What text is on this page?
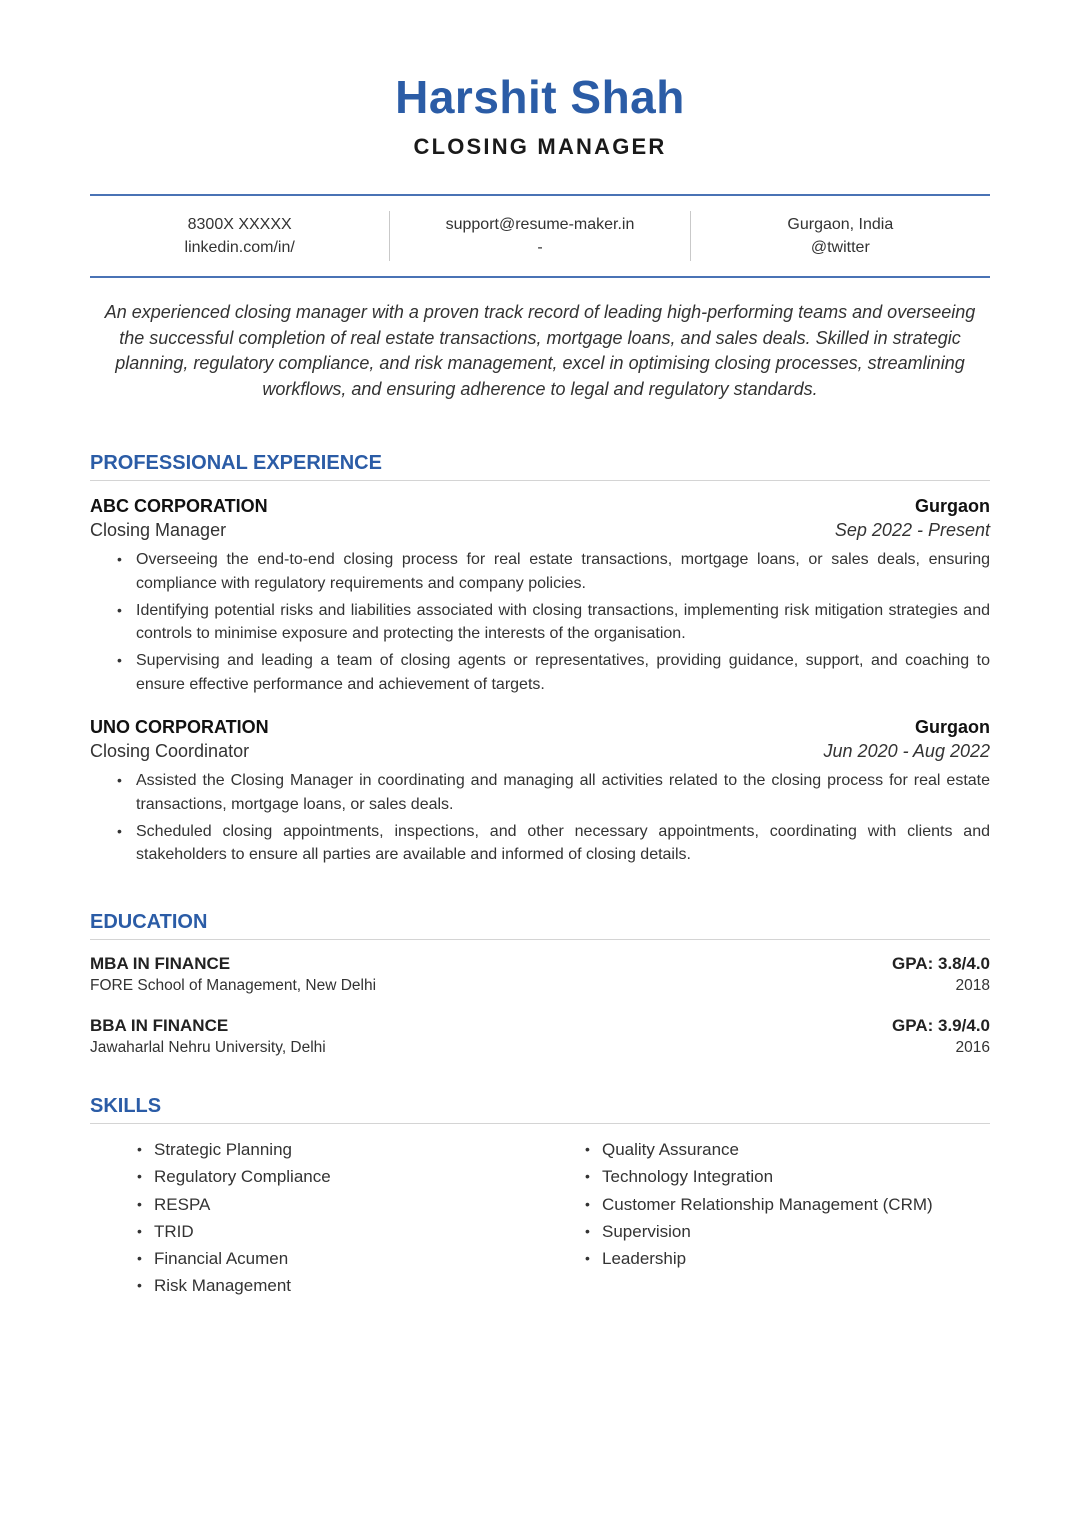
Harshit Shah
CLOSING MANAGER
8300X XXXXX
linkedin.com/in/
support@resume-maker.in
-
Gurgaon, India
@twitter
An experienced closing manager with a proven track record of leading high-performing teams and overseeing the successful completion of real estate transactions, mortgage loans, and sales deals. Skilled in strategic planning, regulatory compliance, and risk management, excel in optimising closing processes, streamlining workflows, and ensuring adherence to legal and regulatory standards.
PROFESSIONAL EXPERIENCE
ABC CORPORATION	Gurgaon
Closing Manager	Sep 2022 - Present
• Overseeing the end-to-end closing process for real estate transactions, mortgage loans, or sales deals, ensuring compliance with regulatory requirements and company policies.
• Identifying potential risks and liabilities associated with closing transactions, implementing risk mitigation strategies and controls to minimise exposure and protecting the interests of the organisation.
• Supervising and leading a team of closing agents or representatives, providing guidance, support, and coaching to ensure effective performance and achievement of targets.
UNO CORPORATION	Gurgaon
Closing Coordinator	Jun 2020 - Aug 2022
• Assisted the Closing Manager in coordinating and managing all activities related to the closing process for real estate transactions, mortgage loans, or sales deals.
• Scheduled closing appointments, inspections, and other necessary appointments, coordinating with clients and stakeholders to ensure all parties are available and informed of closing details.
EDUCATION
MBA IN FINANCE	GPA: 3.8/4.0
FORE School of Management, New Delhi	2018
BBA IN FINANCE	GPA: 3.9/4.0
Jawaharlal Nehru University, Delhi	2016
SKILLS
• Strategic Planning
• Regulatory Compliance
• RESPA
• TRID
• Financial Acumen
• Risk Management
• Quality Assurance
• Technology Integration
• Customer Relationship Management (CRM)
• Supervision
• Leadership
